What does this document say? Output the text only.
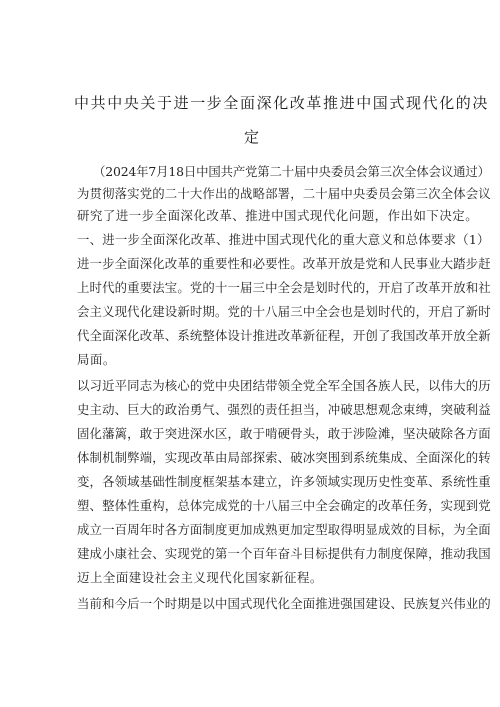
中共中央关于进一步全面深化改革推进中国式现代化的决
定
（2024年7月18日中国共产党第二十届中央委员会第三次全体会议通过）
为贯彻落实党的二十大作出的战略部署，二十届中央委员会第三次全体会议
研究了进一步全面深化改革、推进中国式现代化问题，作出如下决定。
一、进一步全面深化改革、推进中国式现代化的重大意义和总体要求（1）
进一步全面深化改革的重要性和必要性。改革开放是党和人民事业大踏步赶
上时代的重要法宝。党的十一届三中全会是划时代的，开启了改革开放和社
会主义现代化建设新时期。党的十八届三中全会也是划时代的，开启了新时
代全面深化改革、系统整体设计推进改革新征程，开创了我国改革开放全新
局面。
以习近平同志为核心的党中央团结带领全党全军全国各族人民，以伟大的历
史主动、巨大的政治勇气、强烈的责任担当，冲破思想观念束缚，突破利益
固化藩篱，敢于突进深水区，敢于啃硬骨头，敢于涉险滩，坚决破除各方面
体制机制弊端，实现改革由局部探索、破冰突围到系统集成、全面深化的转
变，各领域基础性制度框架基本建立，许多领域实现历史性变革、系统性重
塑、整体性重构，总体完成党的十八届三中全会确定的改革任务，实现到党
成立一百周年时各方面制度更加成熟更加定型取得明显成效的目标，为全面
建成小康社会、实现党的第一个百年奋斗目标提供有力制度保障，推动我国
迈上全面建设社会主义现代化国家新征程。
当前和今后一个时期是以中国式现代化全面推进强国建设、民族复兴伟业的
